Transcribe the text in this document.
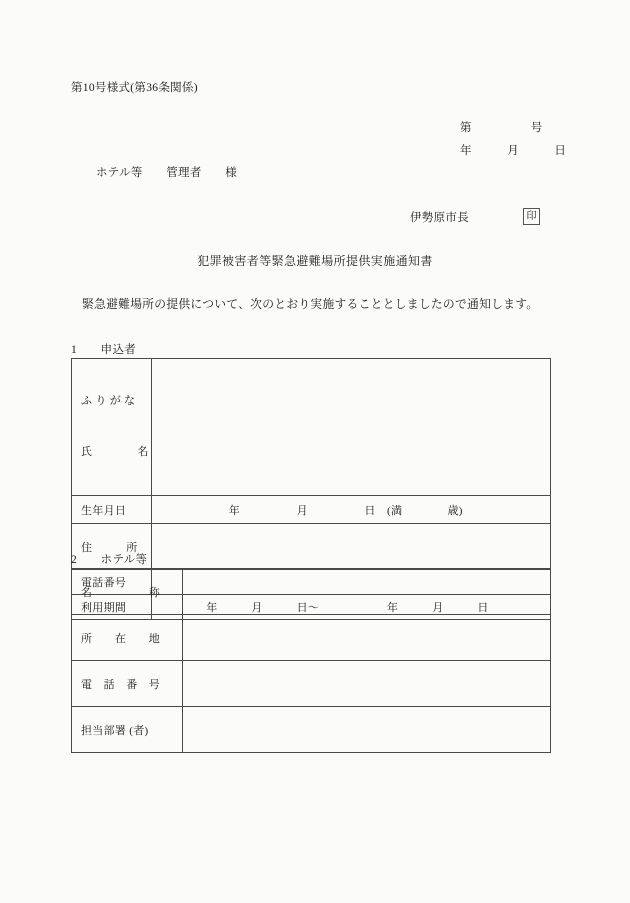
第10号様式(第36条関係)
第　　　　　号
年　　　月　　　日
ホテル等　　管理者　　様
伊勢原市長	印
犯罪被害者等緊急避難場所提供実施通知書
緊急避難場所の提供について、次のとおり実施することとしましたので通知します。
1　　申込者

ふ り が な

氏　　　　名	

生年月日	　　　　　　年　　　　　月　　　　　日　(満　　　　歳)
住　　　所	
電話番号	
利用期間	　　　　年　　　月　　　日〜　　　　　　年　　　月　　　日
2　　ホテル等
名　　　　　称	
所　　在　　地	
電　話　番　号	
担当部署 (者)	
